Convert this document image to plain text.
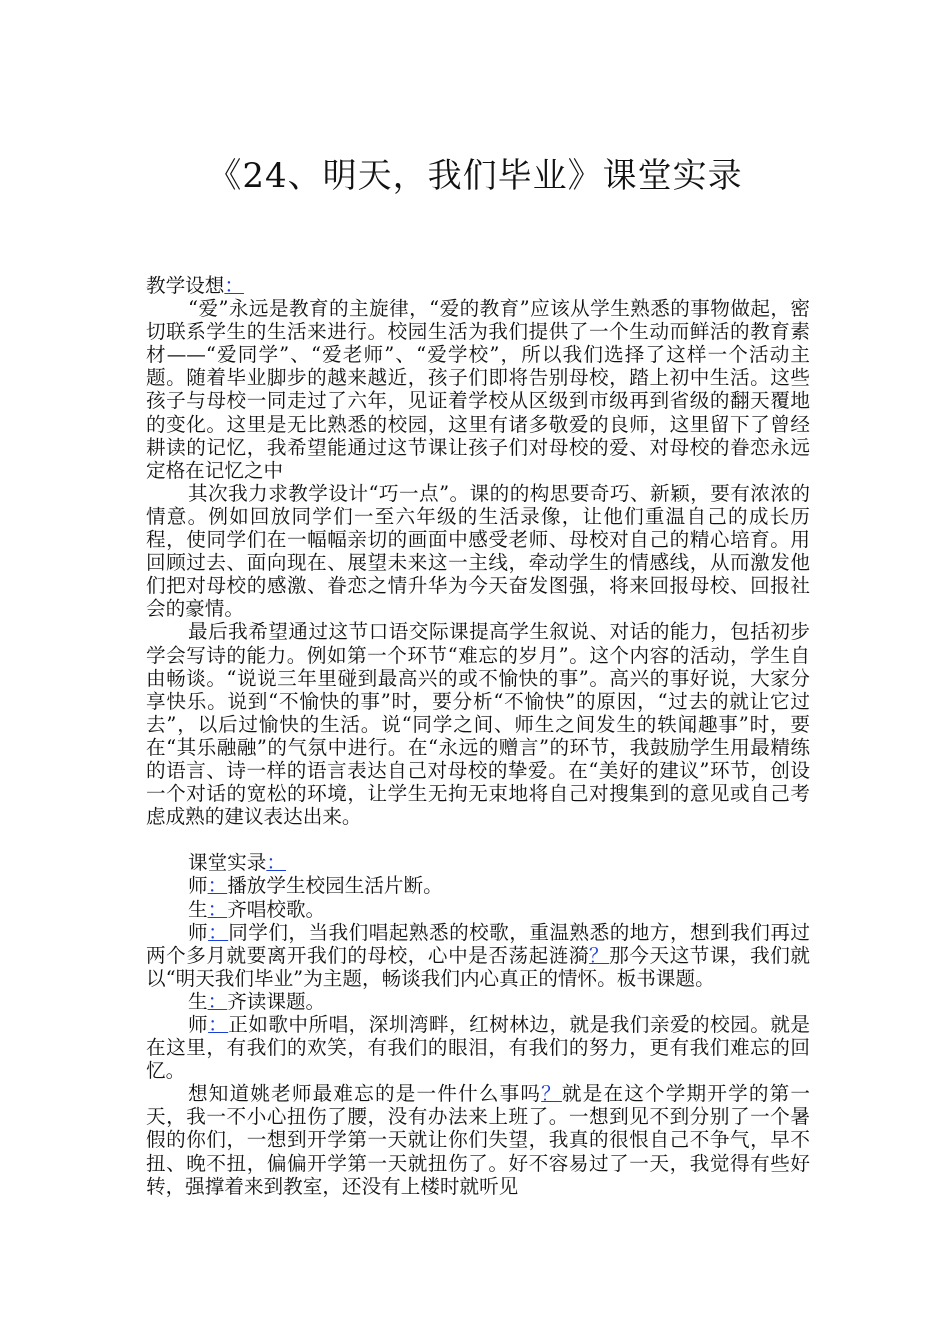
《24、明天，我们毕业》课堂实录

教学设想：

“爱”永远是教育的主旋律，“爱的教育”应该从学生熟悉的事物做起，密切联系学生的生活来进行。校园生活为我们提供了一个生动而鲜活的教育素材——“爱同学”、“爱老师”、“爱学校”，所以我们选择了这样一个活动主题。随着毕业脚步的越来越近，孩子们即将告别母校，踏上初中生活。这些孩子与母校一同走过了六年，见证着学校从区级到市级再到省级的翻天覆地的变化。这里是无比熟悉的校园，这里有诸多敬爱的良师，这里留下了曾经耕读的记忆，我希望能通过这节课让孩子们对母校的爱、对母校的眷恋永远定格在记忆之中

其次我力求教学设计“巧一点”。课的的构思要奇巧、新颖，要有浓浓的情意。例如回放同学们一至六年级的生活录像，让他们重温自己的成长历程，使同学们在一幅幅亲切的画面中感受老师、母校对自己的精心培育。用回顾过去、面向现在、展望未来这一主线，牵动学生的情感线，从而激发他们把对母校的感激、眷恋之情升华为今天奋发图强，将来回报母校、回报社会的豪情。

最后我希望通过这节口语交际课提高学生叙说、对话的能力，包括初步学会写诗的能力。例如第一个环节“难忘的岁月”。这个内容的活动，学生自由畅谈。“说说三年里碰到最高兴的或不愉快的事”。高兴的事好说，大家分享快乐。说到“不愉快的事”时，要分析“不愉快”的原因，“过去的就让它过去”，以后过愉快的生活。说“同学之间、师生之间发生的轶闻趣事”时，要在“其乐融融”的气氛中进行。在“永远的赠言”的环节，我鼓励学生用最精练的语言、诗一样的语言表达自己对母校的挚爱。在“美好的建议”环节，创设一个对话的宽松的环境，让学生无拘无束地将自己对搜集到的意见或自己考虑成熟的建议表达出来。

课堂实录：

师：播放学生校园生活片断。

生：齐唱校歌。

师：同学们，当我们唱起熟悉的校歌，重温熟悉的地方，想到我们再过两个多月就要离开我们的母校，心中是否荡起涟漪？那今天这节课，我们就以“明天我们毕业”为主题，畅谈我们内心真正的情怀。板书课题。

生：齐读课题。

师：正如歌中所唱，深圳湾畔，红树林边，就是我们亲爱的校园。就是在这里，有我们的欢笑，有我们的眼泪，有我们的努力，更有我们难忘的回忆。

想知道姚老师最难忘的是一件什么事吗？就是在这个学期开学的第一天，我一不小心扭伤了腰，没有办法来上班了。一想到见不到分别了一个暑假的你们，一想到开学第一天就让你们失望，我真的很恨自己不争气，早不扭、晚不扭，偏偏开学第一天就扭伤了。好不容易过了一天，我觉得有些好转，强撑着来到教室，还没有上楼时就听见
